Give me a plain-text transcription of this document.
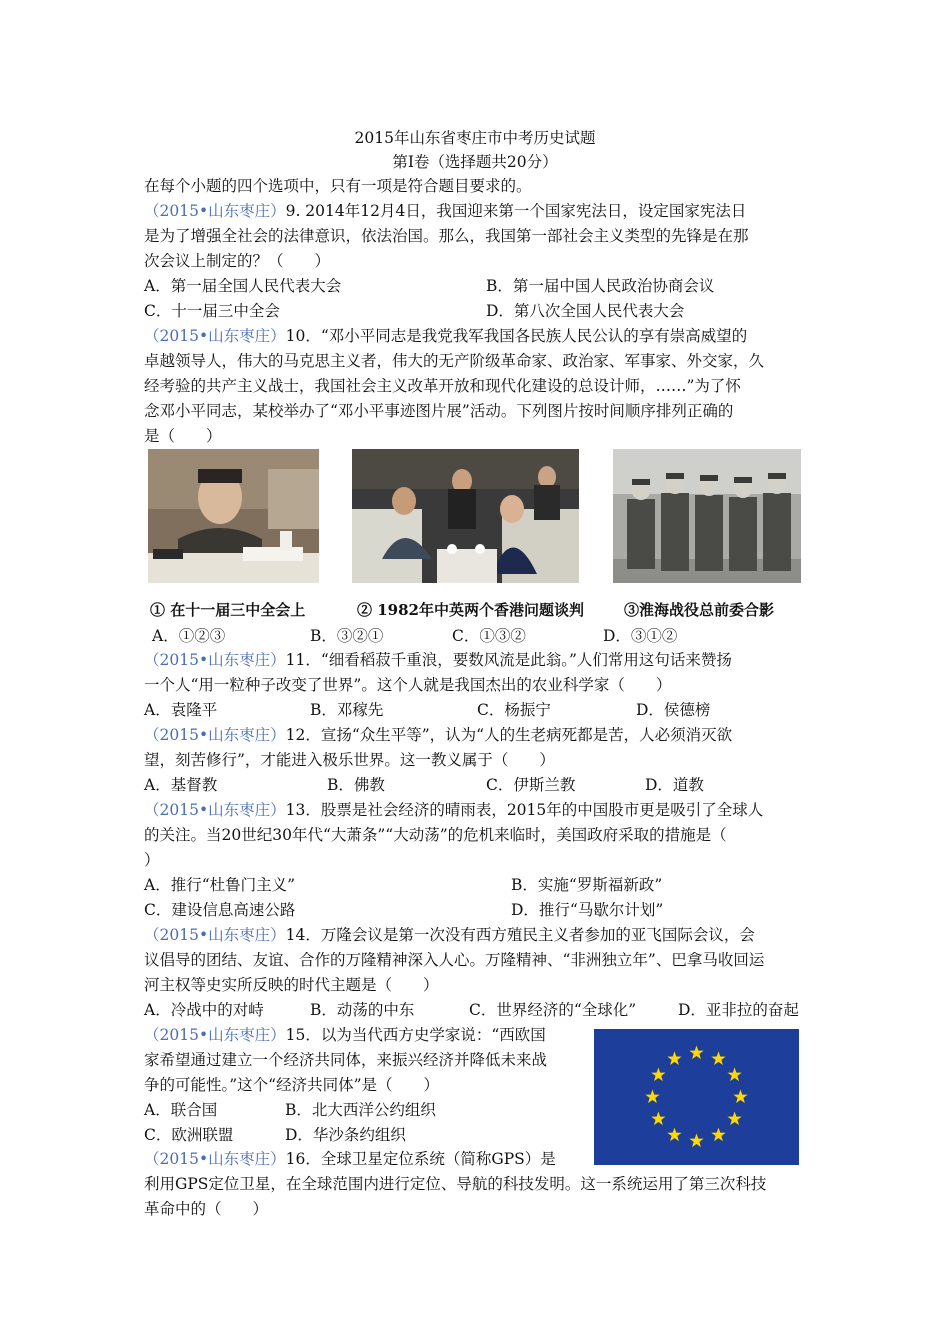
2015年山东省枣庄市中考历史试题
第Ⅰ卷（选择题共20分）
在每个小题的四个选项中，只有一项是符合题目要求的。
（2015•山东枣庄）9. 2014年12月4日，我国迎来第一个国家宪法日，设定国家宪法日
是为了增强全社会的法律意识，依法治国。那么，我国第一部社会主义类型的先锋是在那
次会议上制定的？（　　）
A．第一届全国人民代表大会	B．第一届中国人民政治协商会议
C．十一届三中全会	D．第八次全国人民代表大会
（2015•山东枣庄）10．“邓小平同志是我党我军我国各民族人民公认的享有崇高威望的
卓越领导人，伟大的马克思主义者，伟大的无产阶级革命家、政治家、军事家、外交家，久
经考验的共产主义战士，我国社会主义改革开放和现代化建设的总设计师，……”为了怀
念邓小平同志，某校举办了“邓小平事迹图片展”活动。下列图片按时间顺序排列正确的
是（　　）
① 在十一届三中全会上	② 1982年中英两个香港问题谈判	③淮海战役总前委合影
A．①②③	B．③②①	C．①③②	D．③①②
（2015•山东枣庄）11．“细看稻菽千重浪，要数风流是此翁。”人们常用这句话来赞扬
一个人“用一粒种子改变了世界”。这个人就是我国杰出的农业科学家（　　）
A．袁隆平	B．邓稼先	C．杨振宁	D．侯德榜
（2015•山东枣庄）12．宣扬“众生平等”，认为“人的生老病死都是苦，人必须消灭欲
望，刻苦修行”，才能进入极乐世界。这一教义属于（　　）
A．基督教	B．佛教	C．伊斯兰教	D．道教
（2015•山东枣庄）13．股票是社会经济的晴雨表，2015年的中国股市更是吸引了全球人
的关注。当20世纪30年代“大萧条”“大动荡”的危机来临时，美国政府采取的措施是（
）
A．推行“杜鲁门主义”	B．实施“罗斯福新政”
C．建设信息高速公路	D．推行“马歇尔计划”
（2015•山东枣庄）14．万隆会议是第一次没有西方殖民主义者参加的亚飞国际会议，会
议倡导的团结、友谊、合作的万隆精神深入人心。万隆精神、“非洲独立年”、巴拿马收回运
河主权等史实所反映的时代主题是（　　）
A．冷战中的对峙	B．动荡的中东	C．世界经济的“全球化”	D．亚非拉的奋起
（2015•山东枣庄）15．以为当代西方史学家说：“西欧国
家希望通过建立一个经济共同体，来振兴经济并降低未来战
争的可能性。”这个“经济共同体”是（　　）
A．联合国	B．北大西洋公约组织
C．欧洲联盟	D．华沙条约组织
（2015•山东枣庄）16．全球卫星定位系统（简称GPS）是
利用GPS定位卫星，在全球范围内进行定位、导航的科技发明。这一系统运用了第三次科技
革命中的（　　）
